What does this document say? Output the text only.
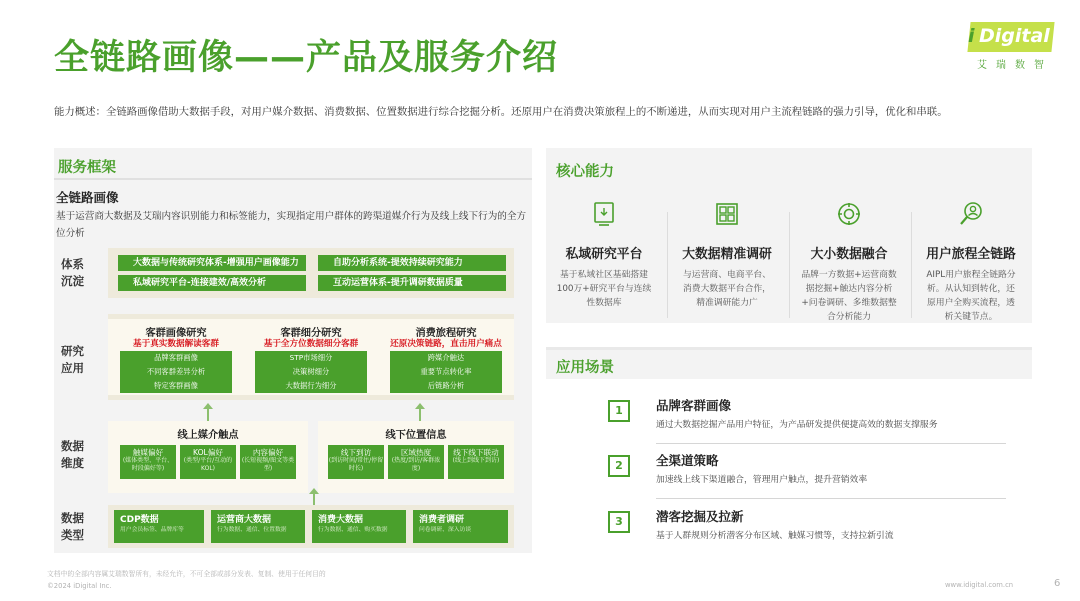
全链路画像——产品及服务介绍
i Digital
艾瑞数智
能力概述：全链路画像借助大数据手段，对用户媒介数据、消费数据、位置数据进行综合挖掘分析。还原用户在消费决策旅程上的不断递进，从而实现对用户主流程链路的强力引导，优化和串联。
服务框架
全链路画像
基于运营商大数据及艾瑞内容识别能力和标签能力，实现指定用户群体的跨渠道媒介行为及线上线下行为的全方位分析
体系
沉淀
大数据与传统研究体系-增强用户画像能力	自助分析系统-提效持续研究能力
私域研究平台-连接建效/高效分析	互动运营体系-提升调研数据质量
研究
应用
客群画像研究
基于真实数据解读客群
品牌客群画像
不同客群差异分析
特定客群画像
客群细分研究
基于全方位数据细分客群
STP市场细分
决策树细分
大数据行为细分
消费旅程研究
还原决策链路，直击用户痛点
跨媒介触达
重要节点转化率
后链路分析
数据
维度
线上媒介触点
触媒偏好
(媒体类型、平台、时段偏好等)
KOL偏好
(类型/平台/互动的KOL)
内容偏好
(长短视频/图文等类型)
线下位置信息
线下到访
(到访时间/常住/停留时长)
区域热度
(热度/到访/客群浓度)
线下线下联动
(线上到线下到访)
数据
类型
CDP数据
用户会员标签、品牌库等
运营商大数据
行为数据、通信、位置数据
消费大数据
行为数据、通信、购买数据
消费者调研
问卷调研、深入访谈
核心能力
私域研究平台
基于私域社区基础搭建100万+研究平台与连续性数据库
大数据精准调研
与运营商、电商平台、消费大数据平台合作，精准调研能力广
大小数据融合
品牌一方数据+运营商数据挖掘+触达内容分析+问卷调研、多维数据整合分析能力
用户旅程全链路
AIPL用户旅程全链路分析。从认知到转化，还原用户全购买流程，透析关键节点。
应用场景
1	品牌客群画像
通过大数据挖掘产品用户特征，为产品研发提供便捷高效的数据支撑服务
2	全渠道策略
加速线上线下渠道融合，管理用户触点，提升营销效率
3	潜客挖掘及拉新
基于人群规则分析潜客分布区域、触媒习惯等，支持拉新引流
文档中的全部内容属艾瑞数智所有，未经允许，不可全部或部分发表、复制、使用于任何目的
©2024 iDigital Inc.	www.idigital.com.cn	6
